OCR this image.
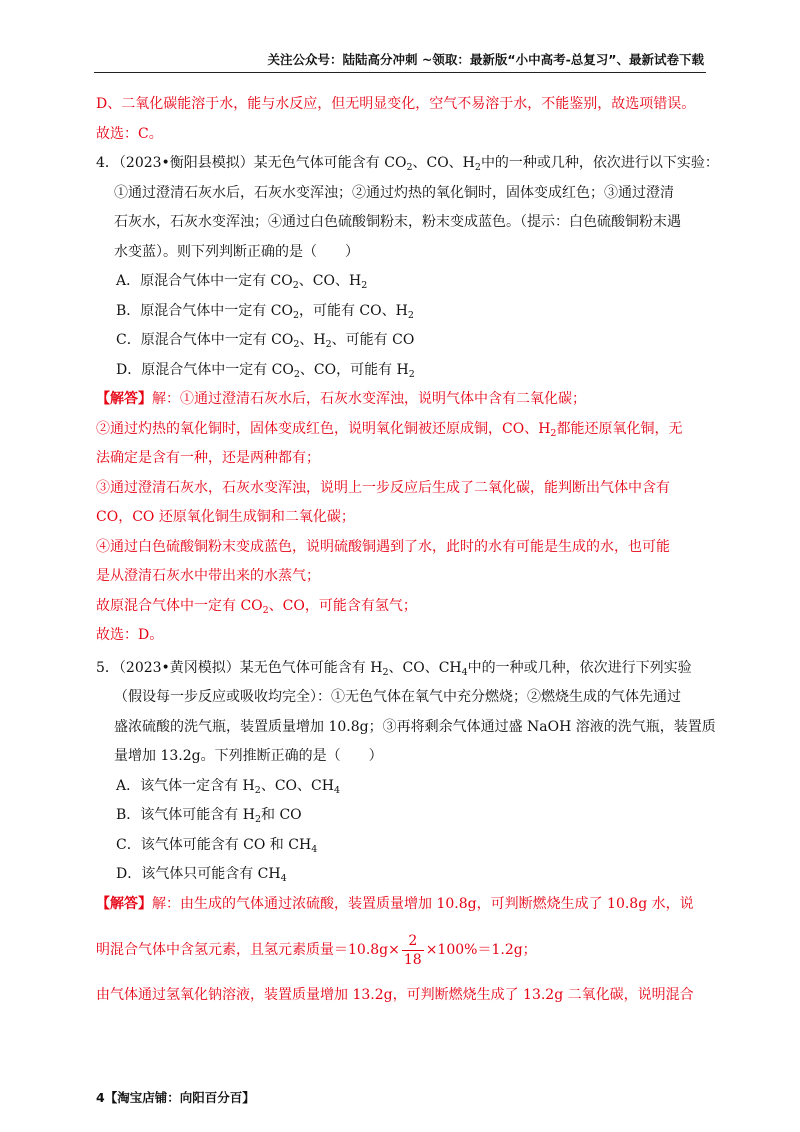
关注公众号：陆陆高分冲刺 ~领取：最新版“小中高考-总复习”、最新试卷下载
D、二氧化碳能溶于水，能与水反应，但无明显变化，空气不易溶于水，不能鉴别，故选项错误。
故选：C。
4．（2023•衡阳县模拟）某无色气体可能含有 $CO_2$、CO、$H_2$中的一种或几种，依次进行以下实验：
①通过澄清石灰水后，石灰水变浑浊；②通过灼热的氧化铜时，固体变成红色；③通过澄清
石灰水，石灰水变浑浊；④通过白色硫酸铜粉末，粉末变成蓝色。（提示：白色硫酸铜粉末遇
水变蓝）。则下列判断正确的是（　　）
A．原混合气体中一定有 $CO_2$、CO、$H_2$
B．原混合气体中一定有 $CO_2$，可能有 CO、$H_2$
C．原混合气体中一定有 $CO_2$、$H_2$、可能有 CO
D．原混合气体中一定有 $CO_2$、CO，可能有 $H_2$
【解答】解：①通过澄清石灰水后，石灰水变浑浊，说明气体中含有二氧化碳；
②通过灼热的氧化铜时，固体变成红色，说明氧化铜被还原成铜，CO、$H_2$都能还原氧化铜，无
法确定是含有一种，还是两种都有；
③通过澄清石灰水，石灰水变浑浊，说明上一步反应后生成了二氧化碳，能判断出气体中含有
CO，CO 还原氧化铜生成铜和二氧化碳；
④通过白色硫酸铜粉末变成蓝色，说明硫酸铜遇到了水，此时的水有可能是生成的水，也可能
是从澄清石灰水中带出来的水蒸气；
故原混合气体中一定有 $CO_2$、CO，可能含有氢气；
故选：D。
5．（2023•黄冈模拟）某无色气体可能含有 $H_2$、CO、$CH_4$中的一种或几种，依次进行下列实验
（假设每一步反应或吸收均完全）：①无色气体在氧气中充分燃烧；②燃烧生成的气体先通过
盛浓硫酸的洗气瓶，装置质量增加 10.8g；③再将剩余气体通过盛 NaOH 溶液的洗气瓶，装置质
量增加 13.2g。下列推断正确的是（　　）
A．该气体一定含有 $H_2$、CO、$CH_4$
B．该气体可能含有 $H_2$和 CO
C．该气体可能含有 CO 和 $CH_4$
D．该气体只可能含有 $CH_4$
【解答】解：由生成的气体通过浓硫酸，装置质量增加 10.8g，可判断燃烧生成了 10.8g 水，说
明混合气体中含氢元素，且氢元素质量$=10.8g\times \frac{2}{18} \times 100\%=1.2g$；
由气体通过氢氧化钠溶液，装置质量增加 13.2g，可判断燃烧生成了 13.2g 二氧化碳，说明混合
4【淘宝店铺：向阳百分百】
